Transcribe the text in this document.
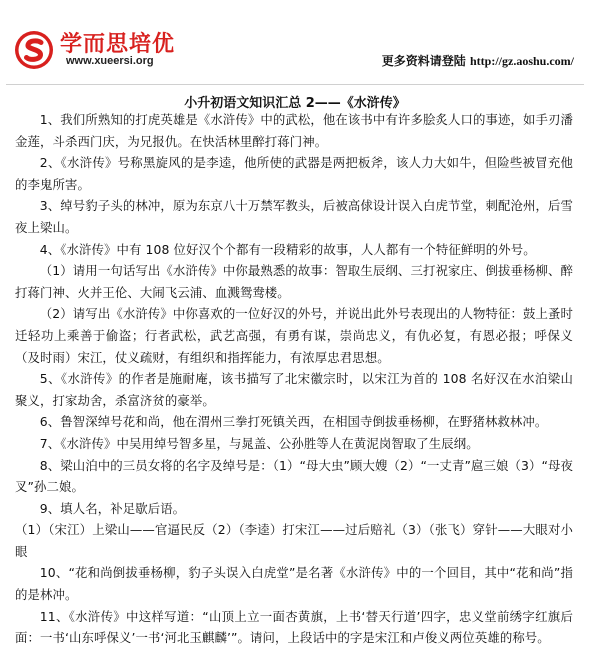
学而思培优
www.xueersi.org	更多资料请登陆 http://gz.aoshu.com/
小升初语文知识汇总 2——《水浒传》

1、我们所熟知的打虎英雄是《水浒传》中的武松，他在该书中有许多脍炙人口的事迹，如手刃潘金莲，斗杀西门庆，为兄报仇。在快活林里醉打蒋门神。

2、《水浒传》号称黑旋风的是李逵，他所使的武器是两把板斧，该人力大如牛，但险些被冒充他的李鬼所害。

3、绰号豹子头的林冲，原为东京八十万禁军教头，后被高俅设计误入白虎节堂，刺配沧州，后雪夜上梁山。

4、《水浒传》中有 108 位好汉个个都有一段精彩的故事，人人都有一个特征鲜明的外号。

（1）请用一句话写出《水浒传》中你最熟悉的故事：智取生辰纲、三打祝家庄、倒拔垂杨柳、醉打蒋门神、火并王伦、大闹飞云浦、血溅鸳鸯楼。

（2）请写出《水浒传》中你喜欢的一位好汉的外号，并说出此外号表现出的人物特征：鼓上蚤时迁轻功上乘善于偷盗；行者武松，武艺高强，有勇有谋，崇尚忠义，有仇必复，有恩必报；呼保义（及时雨）宋江，仗义疏财，有组织和指挥能力，有浓厚忠君思想。

5、《水浒传》的作者是施耐庵，该书描写了北宋徽宗时，以宋江为首的 108 名好汉在水泊梁山聚义，打家劫舍，杀富济贫的豪举。

6、鲁智深绰号花和尚，他在渭州三拳打死镇关西，在相国寺倒拔垂杨柳，在野猪林救林冲。

7、《水浒传》中吴用绰号智多星，与晁盖、公孙胜等人在黄泥岗智取了生辰纲。

8、梁山泊中的三员女将的名字及绰号是：（1）“母大虫”顾大嫂（2）“一丈青”扈三娘（3）“母夜叉”孙二娘。

9、填人名，补足歇后语。

（1）（宋江）上梁山——官逼民反（2）（李逵）打宋江——过后赔礼（3）（张飞）穿针——大眼对小眼

10、“花和尚倒拔垂杨柳，豹子头误入白虎堂”是名著《水浒传》中的一个回目，其中“花和尚”指的是林冲。

11、《水浒传》中这样写道：“山顶上立一面杏黄旗，上书‘替天行道’四字，忠义堂前绣字红旗后面：一书‘山东呼保义’一书‘河北玉麒麟’”。请问，上段话中的字是宋江和卢俊义两位英雄的称号。
